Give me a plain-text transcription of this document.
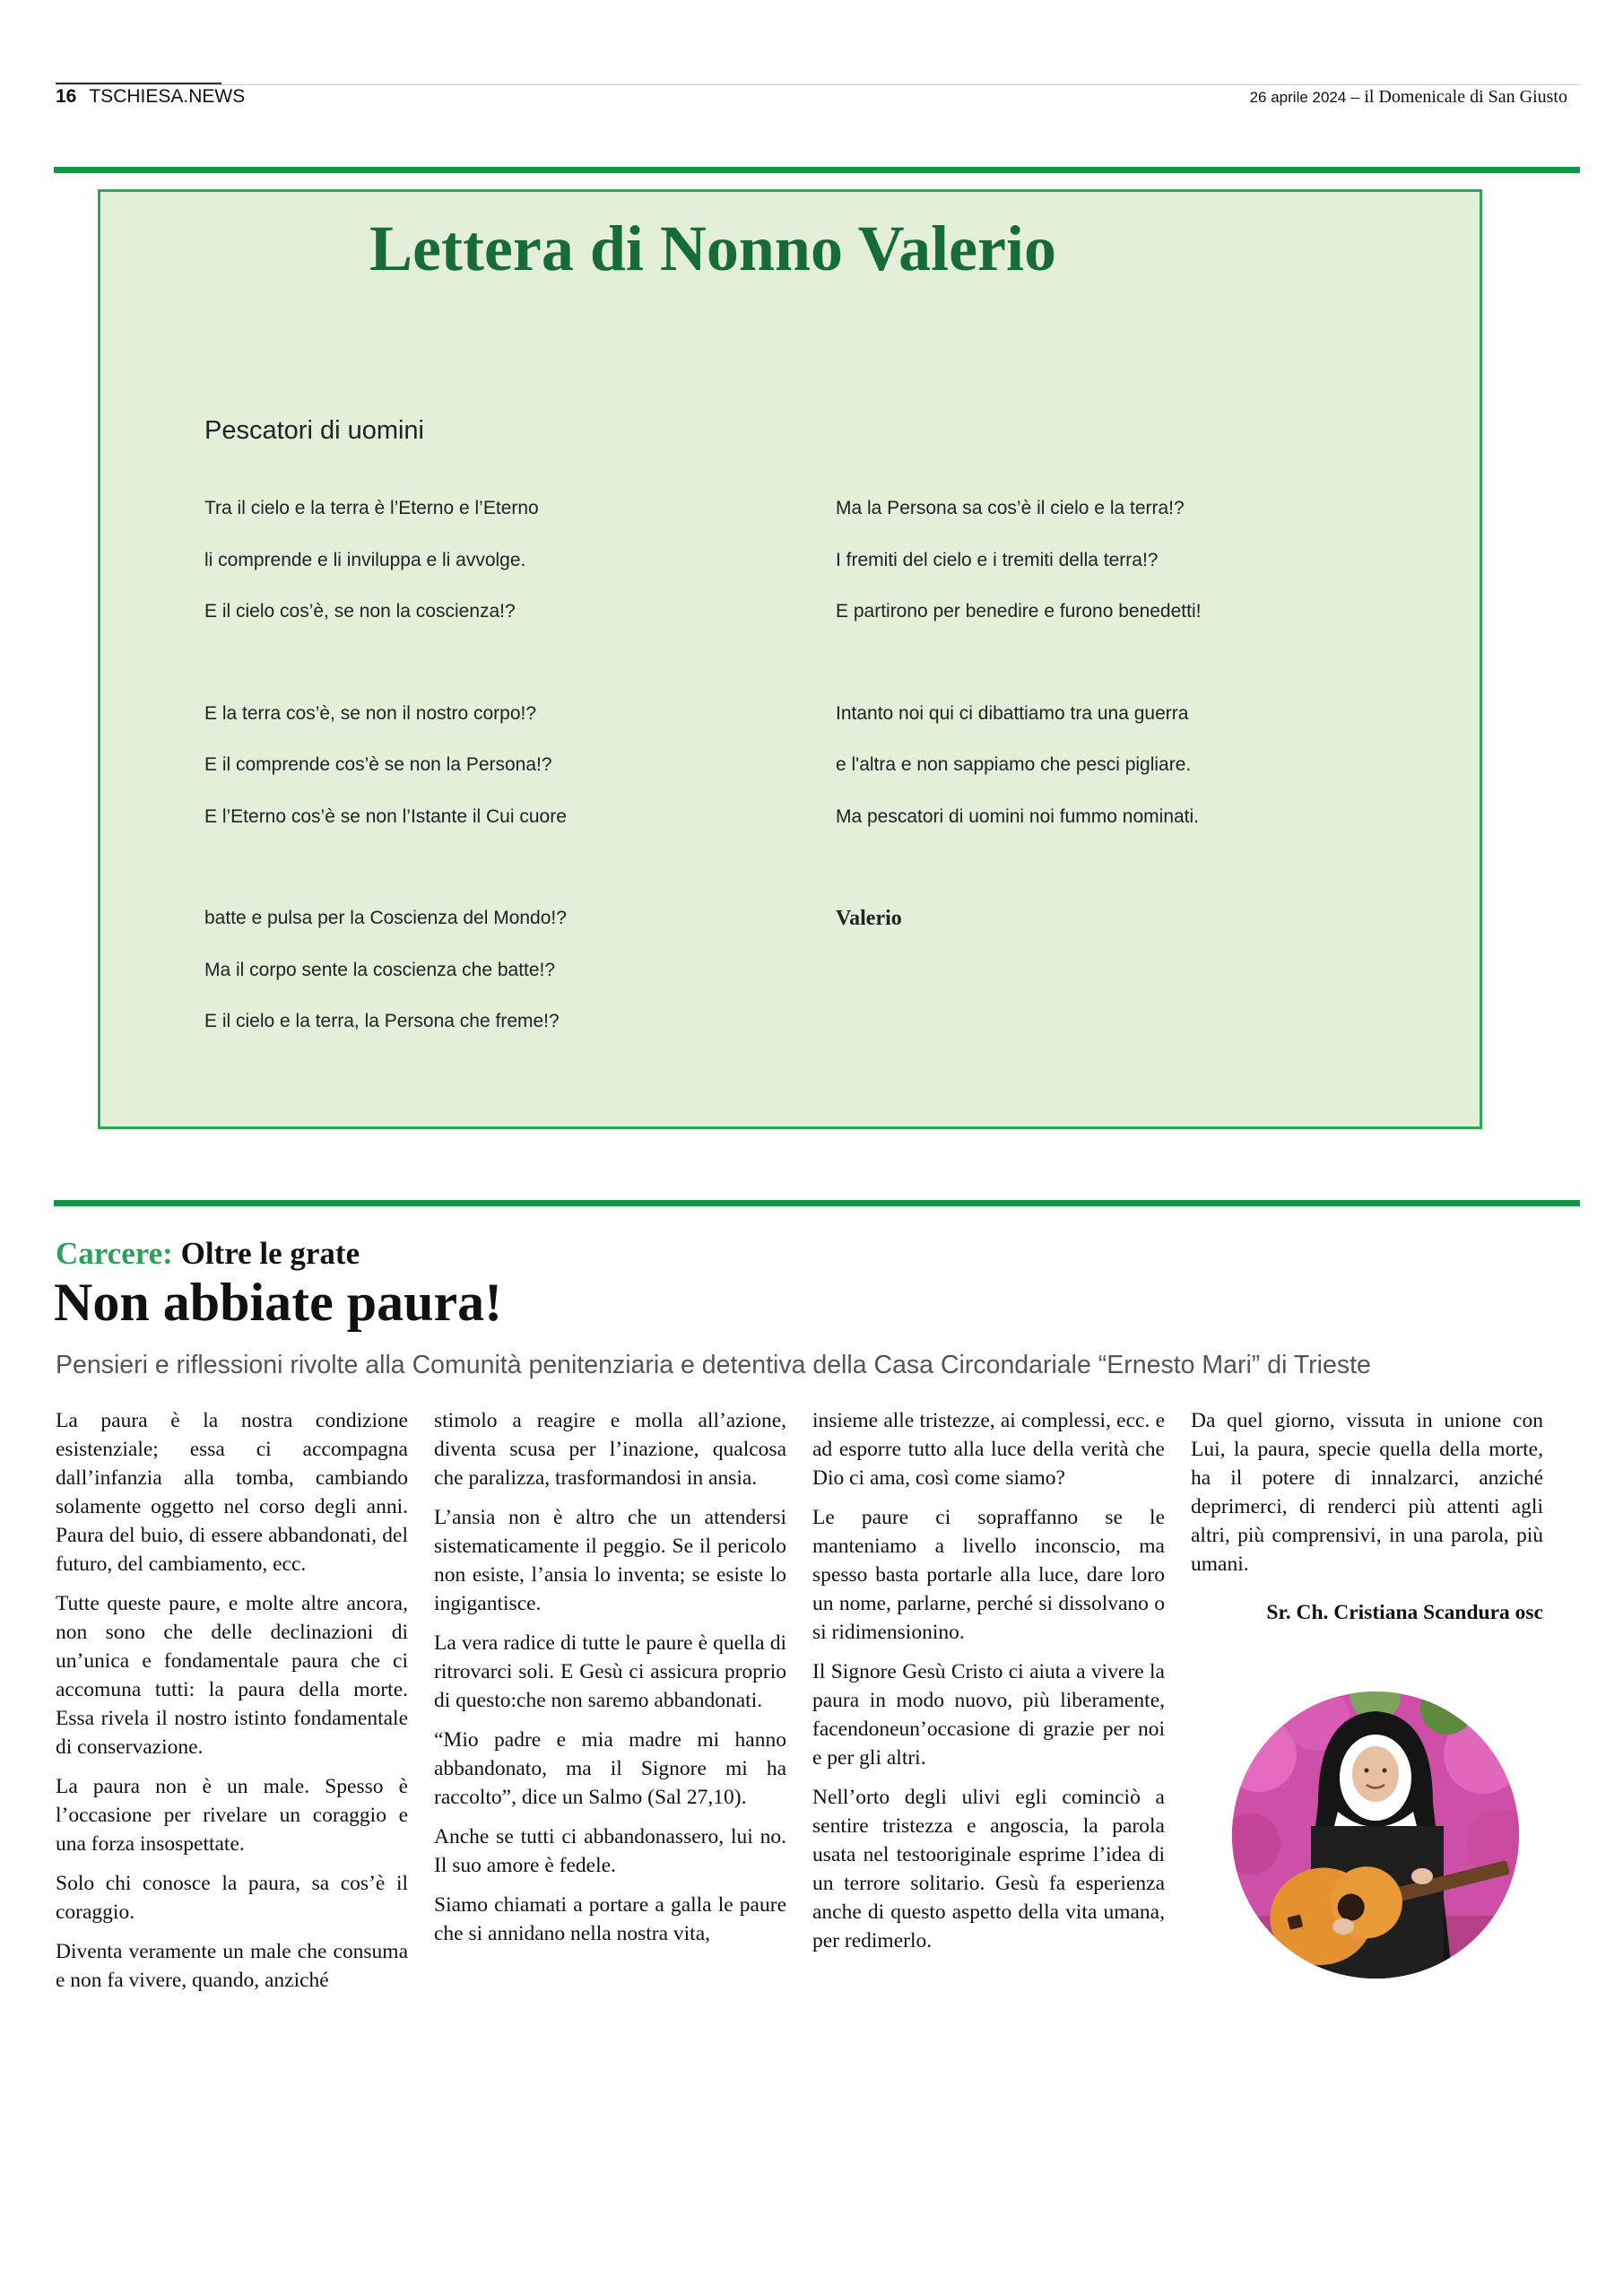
16 TSCHIESA.NEWS	26 aprile 2024 – il Domenicale di San Giusto
Lettera di Nonno Valerio
Pescatori di uomini
Tra il cielo e la terra è l’Eterno e l’Eterno
li comprende e li inviluppa e li avvolge.
E il cielo cos’è, se non la coscienza!?
E la terra cos’è, se non il nostro corpo!?
E il comprende cos’è se non la Persona!?
E l’Eterno cos’è se non l’Istante il Cui cuore
batte e pulsa per la Coscienza del Mondo!?
Ma il corpo sente la coscienza che batte!?
E il cielo e la terra, la Persona che freme!?
Ma la Persona sa cos’è il cielo e la terra!?
I fremiti del cielo e i tremiti della terra!?
E partirono per benedire e furono benedetti!
Intanto noi qui ci dibattiamo tra una guerra
e l'altra e non sappiamo che pesci pigliare.
Ma pescatori di uomini noi fummo nominati.
Valerio
Carcere: Oltre le grate
Non abbiate paura!
Pensieri e riflessioni rivolte alla Comunità penitenziaria e detentiva della Casa Circondariale “Ernesto Mari” di Trieste

La paura è la nostra condizione esistenziale; essa ci accompagna dall’infanzia alla tomba, cambiando solamente oggetto nel corso degli anni. Paura del buio, di essere abbandonati, del futuro, del cambiamento, ecc.

Tutte queste paure, e molte altre ancora, non sono che delle declinazioni di un’unica e fondamentale paura che ci accomuna tutti: la paura della morte. Essa rivela il nostro istinto fondamentale di conservazione.

La paura non è un male. Spesso è l’occasione per rivelare un coraggio e una forza insospettate.

Solo chi conosce la paura, sa cos’è il coraggio.

Diventa veramente un male che consuma e non fa vivere, quando, anziché

stimolo a reagire e molla all’azione, diventa scusa per l’inazione, qualcosa che paralizza, trasformandosi in ansia.

L’ansia non è altro che un attendersi sistematicamente il peggio. Se il pericolo non esiste, l’ansia lo inventa; se esiste lo ingigantisce.

La vera radice di tutte le paure è quella di ritrovarci soli. E Gesù ci assicura proprio di questo:che non saremo abbandonati.

“Mio padre e mia madre mi hanno abbandonato, ma il Signore mi ha raccolto”, dice un Salmo (Sal 27,10).

Anche se tutti ci abbandonassero, lui no. Il suo amore è fedele.

Siamo chiamati a portare a galla le paure che si annidano nella nostra vita,

insieme alle tristezze, ai complessi, ecc. e ad esporre tutto alla luce della verità che Dio ci ama, così come siamo?

Le paure ci sopraffanno se le manteniamo a livello inconscio, ma spesso basta portarle alla luce, dare loro un nome, parlarne, perché si dissolvano o si ridimensionino.

Il Signore Gesù Cristo ci aiuta a vivere la paura in modo nuovo, più liberamente, facendoneun’occasione di grazie per noi e per gli altri.

Nell’orto degli ulivi egli cominciò a sentire tristezza e angoscia, la parola usata nel testooriginale esprime l’idea di un terrore solitario. Gesù fa esperienza anche di questo aspetto della vita umana, per redimerlo.

Da quel giorno, vissuta in unione con Lui, la paura, specie quella della morte, ha il potere di innalzarci, anziché deprimerci, di renderci più attenti agli altri, più comprensivi, in una parola, più umani.

Sr. Ch. Cristiana Scandura osc
